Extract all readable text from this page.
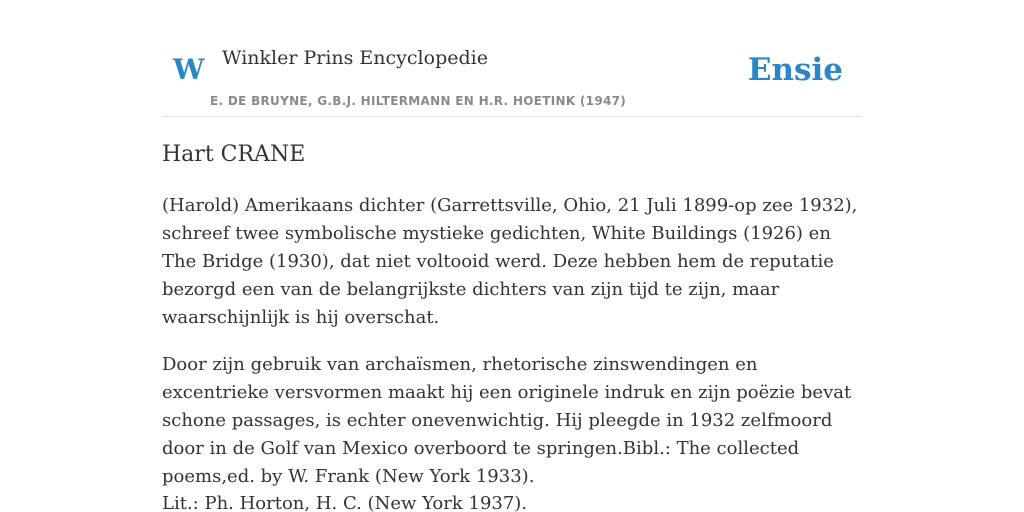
W Winkler Prins Encyclopedie
E. DE BRUYNE, G.B.J. HILTERMANN EN H.R. HOETINK (1947)
Ensie
Hart CRANE

(Harold) Amerikaans dichter (Garrettsville, Ohio, 21 Juli 1899-op zee 1932), schreef twee symbolische mystieke gedichten, White Buildings (1926) en The Bridge (1930), dat niet voltooid werd. Deze hebben hem de reputatie bezorgd een van de belangrijkste dichters van zijn tijd te zijn, maar waarschijnlijk is hij overschat.

Door zijn gebruik van archaïsmen, rhetorische zinswendingen en excentrieke versvormen maakt hij een originele indruk en zijn poëzie bevat schone passages, is echter onevenwichtig. Hij pleegde in 1932 zelfmoord door in de Golf van Mexico overboord te springen.Bibl.: The collected poems,ed. by W. Frank (New York 1933).

Lit.: Ph. Horton, H. C. (New York 1937).
